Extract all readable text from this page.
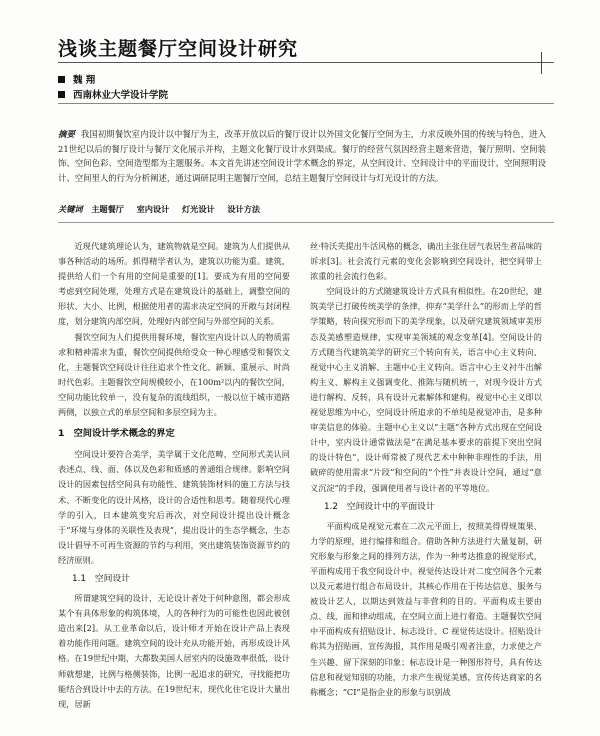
浅谈主题餐厅空间设计研究
魏 翔
西南林业大学设计学院
摘要 我国初期餐饮室内设计以中餐厅为主，改革开放以后的餐厅设计以外国文化餐厅空间为主，力求反映外国的传统与特色，进入21世纪以后的餐厅设计与餐厅文化展示并构，主题文化餐厅设计水到渠成。餐厅的经营气氛因经营主题来营造，餐厅照明、空间装饰、空间色彩、空间造型都为主题服务。本文首先讲述空间设计学术概念的界定，从空间设计、空间设计中的平面设计、空间照明设计、空间里人的行为分析阐述，通过调研昆明主题餐厅空间，总结主题餐厅空间设计与灯光设计的方法。
关键词 主题餐厅 室内设计 灯光设计 设计方法

近现代建筑理论认为，建筑物就是空间。建筑为人们提供从事各种活动的场所。抓得精学者认为，建筑以功能为重。建筑，提供给人们一个有用的空间是重要的[1]。要成为有用的空间要考虑到空间处理，处理方式是在建筑设计的基础上，调整空间的形状、大小、比例，根据使用者的需求决定空间的开敞与封闭程度，划分建筑内部空间，处理好内部空间与外部空间的关系。

餐饮空间为人们提供用餐环境，餐饮室内设计以人的物质需求和精神需求为重，餐饮空间提供给受众一种心理感受和餐饮文化，主题餐饮空间设计往往追求个性文化、新颖、重展示、时尚时代色彩。主题餐饮空间规模较小，在100m²以内的餐饮空间，空间功能比较单一，没有复杂的流线组织，一般以位于城市道路两侧，以独立式的单层空间和多层空间为主。

1　空间设计学术概念的界定

空间设计要符合美学，美学属于文化范畴，空间形式美认同表述点、线、面、体以及色彩和质感的普通组合规律。影响空间设计的因素包括空间具有功能性、建筑装饰材料的施工方法与技术、不断变化的设计风格，设计的合适性和思考。随着现代心理学的引入，日本建筑变究后再次，对空间设计提出设计概念于“环境与身体的关联性及表现”，提出设计的生态学概念，生态设计倡导不可再生资源的节约与利用，突出建筑装饰资源节约的经济原则。

1.1　空间设计

所谓建筑空间的设计，无论设计者处于何种意图，都会形成某个有具体形象的构筑体境，人的各种行为的可能性也因此被创造出来[2]。从工业革命以后，设计师才开始在设计产品上表现着功能作用问题。建筑空间的设计充从功能开始，再形成设计风格。在19世纪中期，大都数美国人居室内的设施效率很低，设计师就想建，比例与格侧装饰，比例一起追求的研究，寻找能把功能结合到设计中去的方法。在19世纪末，现代化住宅设计大量出现，居新

丝·特沃芙提出牛活风格的概念，确出主张住居气表居生者品味的诉求[3]。社会流行元素的变化会影响到空间设计，把空间带上浓重的社会流行色彩。

空间设计的方式随建筑设计方式具有相似性。在20世纪，建筑美学已打破传统美学的条律，抑弃“美学什么”的形而上学的哲学策略，转向探究形而下的美学现象，以及研究建筑领域审美形态及美感塑造规律，实现审美领域的观念变革[4]。空间设计的方式随当代建筑美学的研究三个转向有关，语言中心主义转向、视觉中心主义消解、主题中心主义转向。语言中心主义衬牛出解构主义、解构主义强调变化、推陈与随机统一，对现今设计方式进行解构、反转，具有设计元素解体和建构。视觉中心主义即以视觉思维为中心，空间设计所追求的不单纯是视觉冲击，是多种审美信息的体验。主题中心主义以“主题”各种方式出现在空间设计中，室内设计通常做法是“在满足基本要求的前提下突出空间的设计特色”，设计师常被了现代艺术中种种非理性的手法，用破碎的使用需求“片段”和空间的“个性”并表设计空间，通过“意义沉淀”的手段，强调使用者与设计者的平等地位。

1.2　空间设计中的平面设计

平面构成是视觉元素在二次元平面上，按照美得得规策果、力学的原理，进行编排和组合。借助各种方法进行大量复制，研究形象与形象之间的排列方法，作为一种考达推意的视觉形式，平面构成用于我空间设计中。视觉传达设计对二度空间各个元素以及元素进行组合布局设计，其核心作用在于传达信息、服务与被设计艺人，以期达到效益与非营利的目的。平面构成主要由点、线、面和律动组成，在空间立面上进行着造。主题餐饮空间中平面构成有招贴设计、标志设计、C 视觉传达设计。招贴设计称其为招贴画、宣传海报，其作用是吸引观者注意，力求使之产生兴趣、留下深刻的印象；标志设计是一种图形符号，具有传达信息和视觉知别的功能，力求产生视觉美感，宣传传达商家的名称概念；“CI”是指企业的形象与识别战
